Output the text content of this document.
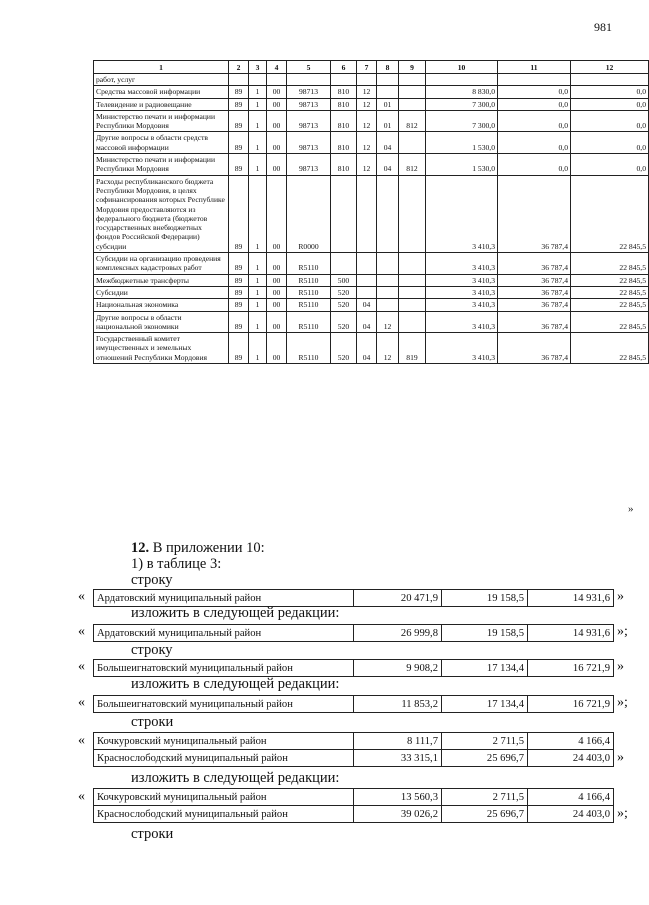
981
1	2	3	4	5	6	7	8	9	10	11	12
работ, услуг											
Средства массовой информации	89	1	00	98713	810	12			8 830,0	0,0	0,0
Телевидение и радиовещание	89	1	00	98713	810	12	01		7 300,0	0,0	0,0
Министерство печати и информации Республики Мордовия	89	1	00	98713	810	12	01	812	7 300,0	0,0	0,0
Другие вопросы в области средств массовой информации	89	1	00	98713	810	12	04		1 530,0	0,0	0,0
Министерство печати и информации Республики Мордовия	89	1	00	98713	810	12	04	812	1 530,0	0,0	0,0
Расходы республиканского бюджета Республики Мордовия, в целях софинансирования которых Республике Мордовия предоставляются из федерального бюджета (бюджетов государственных внебюджетных фондов Российской Федерации) субсидии	89	1	00	R0000					3 410,3	36 787,4	22 845,5
Субсидии на организацию проведения комплексных кадастровых работ	89	1	00	R5110					3 410,3	36 787,4	22 845,5
Межбюджетные трансферты	89	1	00	R5110	500				3 410,3	36 787,4	22 845,5
Субсидии	89	1	00	R5110	520				3 410,3	36 787,4	22 845,5
Национальная экономика	89	1	00	R5110	520	04			3 410,3	36 787,4	22 845,5
Другие вопросы в области национальной экономики	89	1	00	R5110	520	04	12		3 410,3	36 787,4	22 845,5
Государственный комитет имущественных и земельных отношений Республики Мордовия	89	1	00	R5110	520	04	12	819	3 410,3	36 787,4	22 845,5
»
12. В приложении 10:
1) в таблице 3:
строку
« Ардатовский муниципальный район	20 471,9	19 158,5	14 931,6 »
изложить в следующей редакции:
« Ардатовский муниципальный район	26 999,8	19 158,5	14 931,6 »;
строку
« Большеигнатовский муниципальный район	9 908,2	17 134,4	16 721,9 »
изложить в следующей редакции:
« Большеигнатовский муниципальный район	11 853,2	17 134,4	16 721,9 »;
строки
« Кочкуровский муниципальный район	8 111,7	2 711,5	4 166,4
Краснослободский муниципальный район	33 315,1	25 696,7	24 403,0 »
изложить в следующей редакции:
« Кочкуровский муниципальный район	13 560,3	2 711,5	4 166,4
Краснослободский муниципальный район	39 026,2	25 696,7	24 403,0 »;
строки
